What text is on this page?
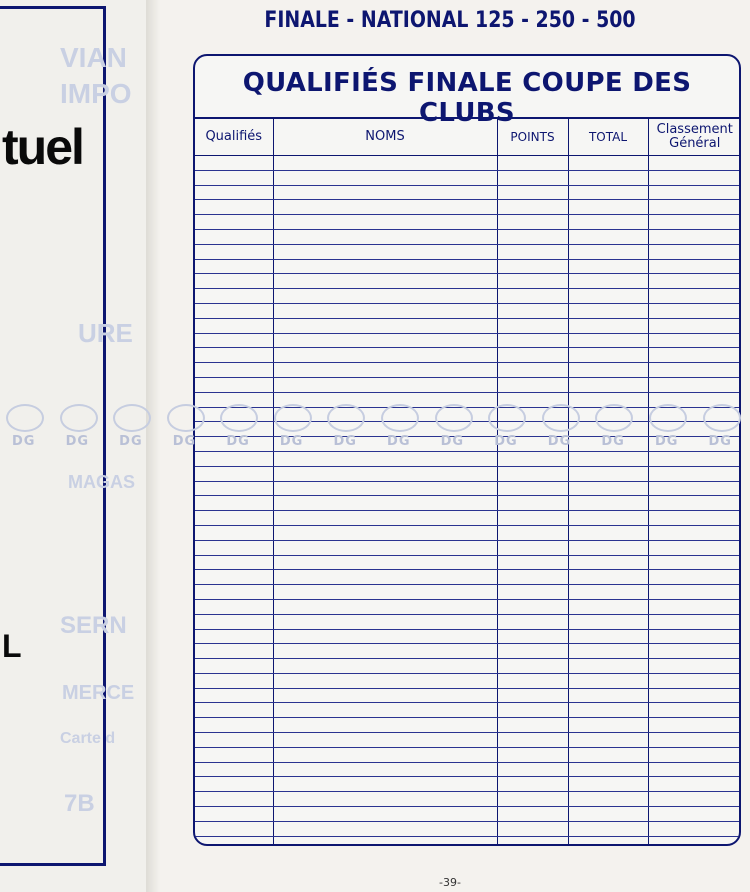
VIAN
IMPO
tuel
URE
MAGAS
SERN
L
MERCE
Carte d
7B
FINALE - NATIONAL 125 - 250 - 500
QUALIFIÉS FINALE COUPE DES CLUBS
Qualifiés	NOMS	POINTS	TOTAL	Classement Général

DG DG DG DG DG DG DG DG DG DG DG DG DG DG
-39-
